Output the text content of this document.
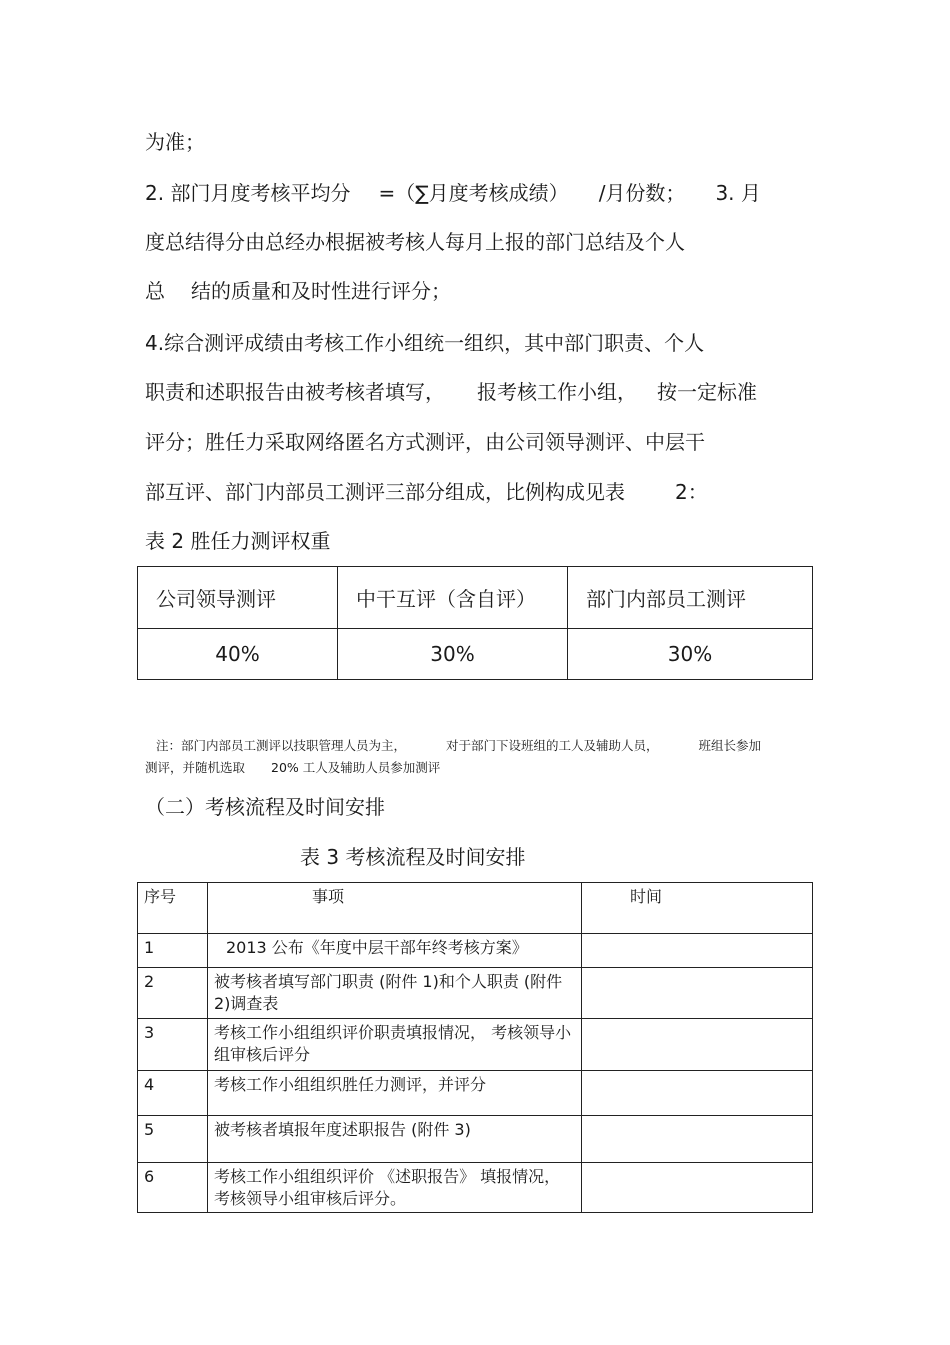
为准；
2. 部门月度考核平均分 =（∑月度考核成绩） /月份数； 3. 月
度总结得分由总经办根据被考核人每月上报的部门总结及个人
总 结的质量和及时性进行评分；
4.综合测评成绩由考核工作小组统一组织，其中部门职责、个人
职责和述职报告由被考核者填写， 报考核工作小组， 按一定标准
评分；胜任力采取网络匿名方式测评，由公司领导测评、中层干
部互评、部门内部员工测评三部分组成，比例构成见表	2：
表 2 胜任力测评权重
公司领导测评	中干互评（含自评）	部门内部员工测评
40%	30%	30%
注：部门内部员工测评以技职管理人员为主，	对于部门下设班组的工人及辅助人员，	班组长参加
测评，并随机选取 20% 工人及辅助人员参加测评
（二）考核流程及时间安排
表 3 考核流程及时间安排
序号	事项	时间
1	2013 公布《年度中层干部年终考核方案》	
2	被考核者填写部门职责 (附件 1)和个人职责 (附件 2)调查表	
3	考核工作小组组织评价职责填报情况， 考核领导小组审核后评分	
4	考核工作小组组织胜任力测评，并评分	
5	被考核者填报年度述职报告 (附件 3)	
6	考核工作小组组织评价 《述职报告》 填报情况，考核领导小组审核后评分。	
